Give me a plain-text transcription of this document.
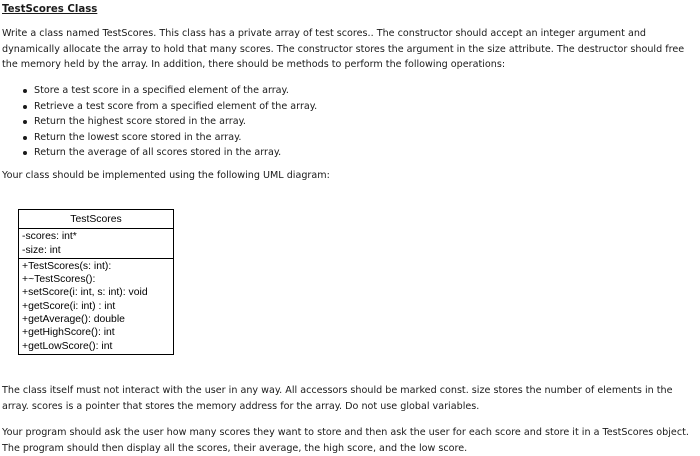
TestScores Class

Write a class named TestScores. This class has a private array of test scores.. The constructor should accept an integer argument and dynamically allocate the array to hold that many scores. The constructor stores the argument in the size attribute. The destructor should free the memory held by the array. In addition, there should be methods to perform the following operations:

Store a test score in a specified element of the array.
Retrieve a test score from a specified element of the array.
Return the highest score stored in the array.
Return the lowest score stored in the array.
Return the average of all scores stored in the array.

Your class should be implemented using the following UML diagram:

TestScores
-scores: int*
-size: int
+TestScores(s: int):
+~TestScores():
+setScore(i: int, s: int): void
+getScore(i: int) : int
+getAverage(): double
+getHighScore(): int
+getLowScore(): int

The class itself must not interact with the user in any way. All accessors should be marked const. size stores the number of elements in the array. scores is a pointer that stores the memory address for the array. Do not use global variables.

Your program should ask the user how many scores they want to store and then ask the user for each score and store it in a TestScores object. The program should then display all the scores, their average, the high score, and the low score.
